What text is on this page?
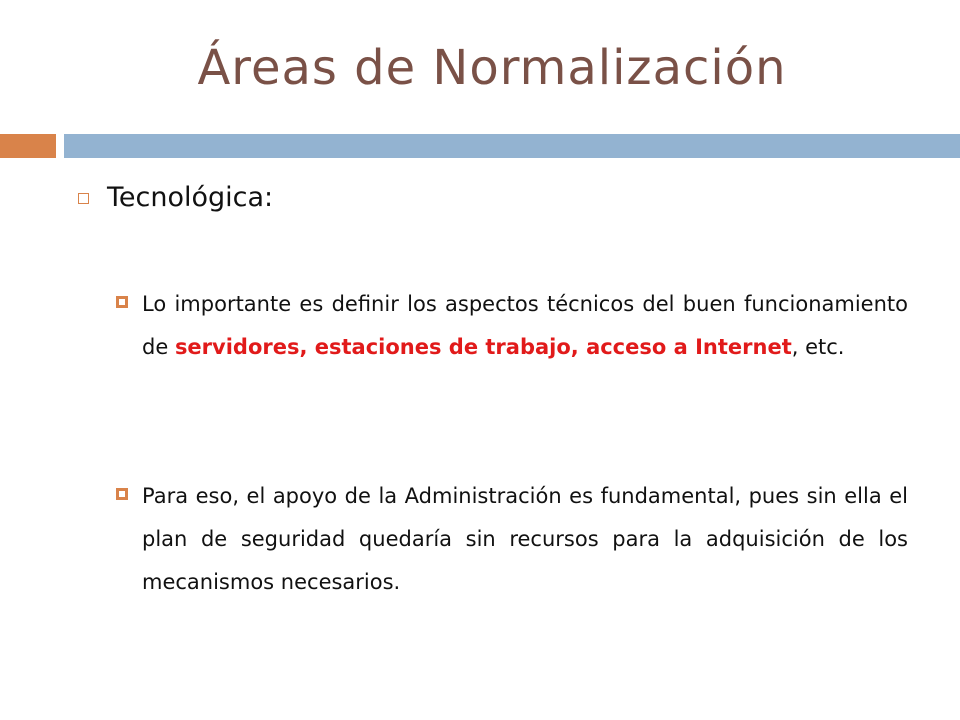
Áreas de Normalización
Tecnológica:
Lo importante es definir los aspectos técnicos del buen funcionamiento de servidores, estaciones de trabajo, acceso a Internet, etc.
Para eso, el apoyo de la Administración es fundamental, pues sin ella el plan de seguridad quedaría sin recursos para la adquisición de los mecanismos necesarios.
